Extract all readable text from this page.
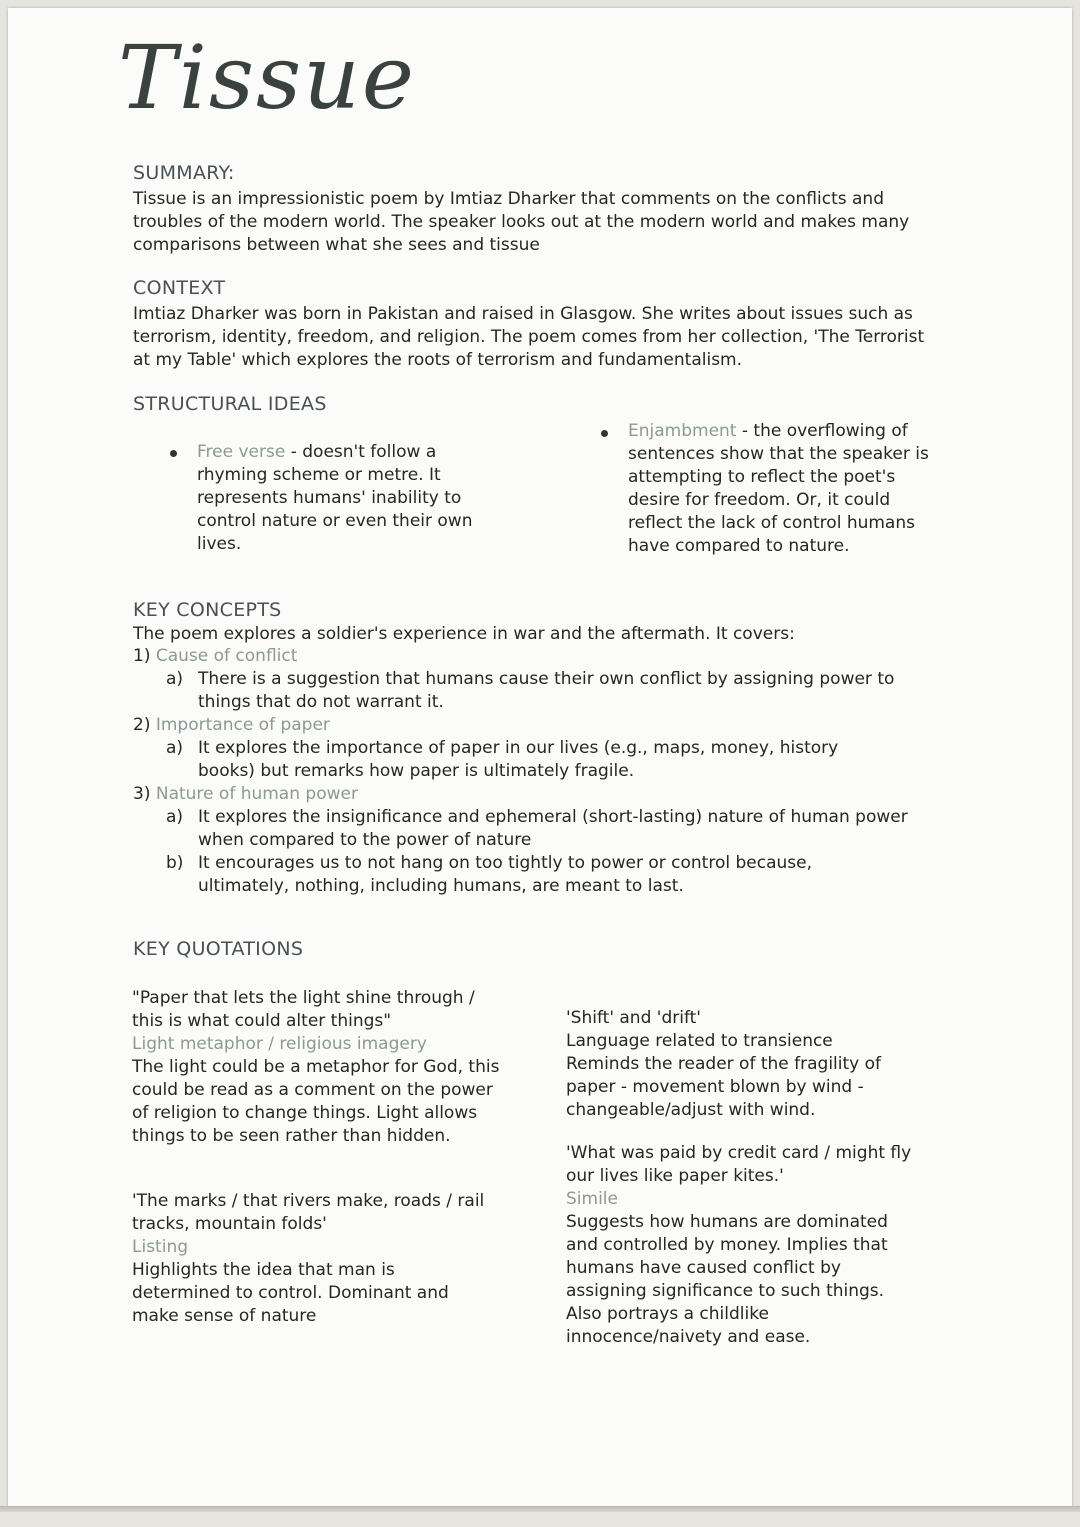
Tissue
SUMMARY:

Tissue is an impressionistic poem by Imtiaz Dharker that comments on the conflicts and troubles of the modern world. The speaker looks out at the modern world and makes many comparisons between what she sees and tissue

CONTEXT

Imtiaz Dharker was born in Pakistan and raised in Glasgow. She writes about issues such as terrorism, identity, freedom, and religion. The poem comes from her collection, 'The Terrorist at my Table' which explores the roots of terrorism and fundamentalism.

STRUCTURAL IDEAS

Free verse - doesn't follow a rhyming scheme or metre. It represents humans' inability to control nature or even their own lives.

Enjambment - the overflowing of sentences show that the speaker is attempting to reflect the poet's desire for freedom. Or, it could reflect the lack of control humans have compared to nature.

KEY CONCEPTS

The poem explores a soldier's experience in war and the aftermath. It covers:

1) Cause of conflict
a) There is a suggestion that humans cause their own conflict by assigning power to things that do not warrant it.
2) Importance of paper
a) It explores the importance of paper in our lives (e.g., maps, money, history books) but remarks how paper is ultimately fragile.
3) Nature of human power
a) It explores the insignificance and ephemeral (short-lasting) nature of human power when compared to the power of nature
b) It encourages us to not hang on too tightly to power or control because, ultimately, nothing, including humans, are meant to last.
KEY QUOTATIONS

"Paper that lets the light shine through / this is what could alter things"

Light metaphor / religious imagery

The light could be a metaphor for God, this could be read as a comment on the power of religion to change things. Light allows things to be seen rather than hidden.

'The marks / that rivers make, roads / rail tracks, mountain folds'

Listing

Highlights the idea that man is determined to control. Dominant and make sense of nature

'Shift' and 'drift'

Language related to transience Reminds the reader of the fragility of paper - movement blown by wind - changeable/adjust with wind.

'What was paid by credit card / might fly our lives like paper kites.'

Simile

Suggests how humans are dominated and controlled by money. Implies that humans have caused conflict by assigning significance to such things. Also portrays a childlike innocence/naivety and ease.
